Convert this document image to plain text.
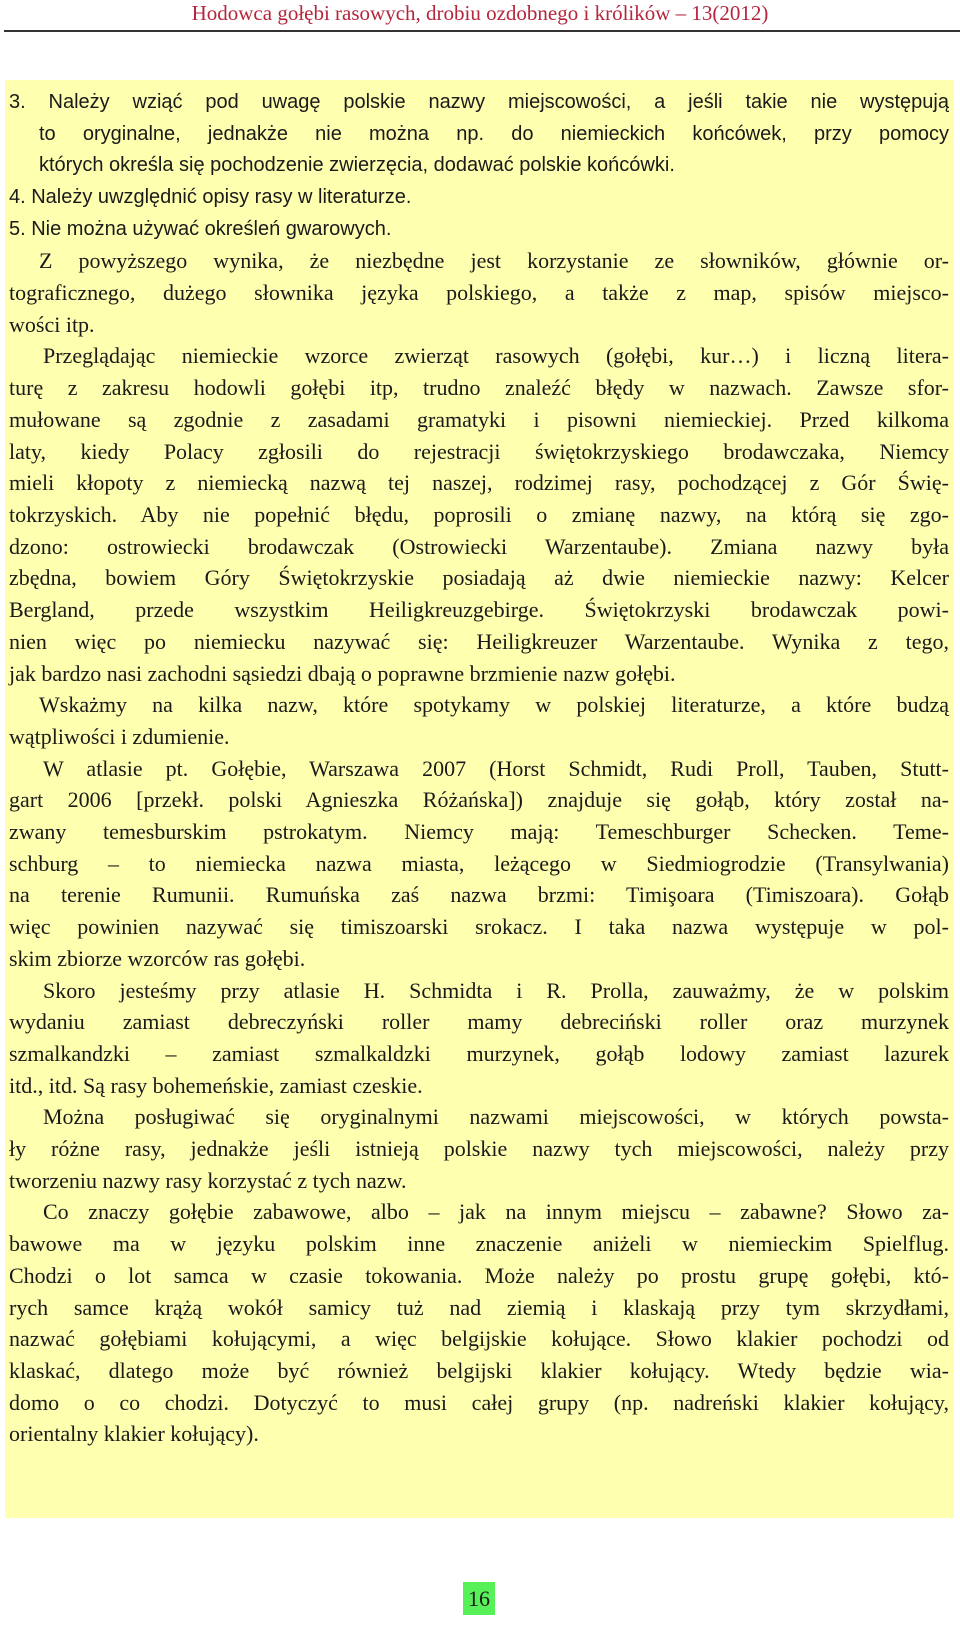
Hodowca gołębi rasowych, drobiu ozdobnego i królików – 13(2012)
3. Należy wziąć pod uwagę polskie nazwy miejscowości, a jeśli takie nie występują
to oryginalne, jednakże nie można np. do niemieckich końcówek, przy pomocy
których określa się pochodzenie zwierzęcia, dodawać polskie końcówki.
4. Należy uwzględnić opisy rasy w literaturze.
5. Nie można używać określeń gwarowych.
Z powyższego wynika, że niezbędne jest korzystanie ze słowników, głównie or-
tograficznego, dużego słownika języka polskiego, a także z map, spisów miejsco-
wości itp.
Przeglądając niemieckie wzorce zwierząt rasowych (gołębi, kur…) i liczną litera-
turę z zakresu hodowli gołębi itp, trudno znaleźć błędy w nazwach. Zawsze sfor-
mułowane są zgodnie z zasadami gramatyki i pisowni niemieckiej. Przed kilkoma
laty, kiedy Polacy zgłosili do rejestracji świętokrzyskiego brodawczaka, Niemcy
mieli kłopoty z niemiecką nazwą tej naszej, rodzimej rasy, pochodzącej z Gór Świę-
tokrzyskich. Aby nie popełnić błędu, poprosili o zmianę nazwy, na którą się zgo-
dzono: ostrowiecki brodawczak (Ostrowiecki Warzentaube). Zmiana nazwy była
zbędna, bowiem Góry Świętokrzyskie posiadają aż dwie niemieckie nazwy: Kelcer
Bergland, przede wszystkim Heiligkreuzgebirge. Świętokrzyski brodawczak powi-
nien więc po niemiecku nazywać się: Heiligkreuzer Warzentaube. Wynika z tego,
jak bardzo nasi zachodni sąsiedzi dbają o poprawne brzmienie nazw gołębi.
Wskażmy na kilka nazw, które spotykamy w polskiej literaturze, a które budzą
wątpliwości i zdumienie.
W atlasie pt. Gołębie, Warszawa 2007 (Horst Schmidt, Rudi Proll, Tauben, Stutt-
gart 2006 [przekł. polski Agnieszka Różańska]) znajduje się gołąb, który został na-
zwany temesburskim pstrokatym. Niemcy mają: Temeschburger Schecken. Teme-
schburg – to niemiecka nazwa miasta, leżącego w Siedmiogrodzie (Transylwania)
na terenie Rumunii. Rumuńska zaś nazwa brzmi: Timişoara (Timiszoara). Gołąb
więc powinien nazywać się timiszoarski srokacz. I taka nazwa występuje w pol-
skim zbiorze wzorców ras gołębi.
Skoro jesteśmy przy atlasie H. Schmidta i R. Prolla, zauważmy, że w polskim
wydaniu zamiast debreczyński roller mamy debreciński roller oraz murzynek
szmalkandzki – zamiast szmalkaldzki murzynek, gołąb lodowy zamiast lazurek
itd., itd. Są rasy bohemeńskie, zamiast czeskie.
Można posługiwać się oryginalnymi nazwami miejscowości, w których powsta-
ły różne rasy, jednakże jeśli istnieją polskie nazwy tych miejscowości, należy przy
tworzeniu nazwy rasy korzystać z tych nazw.
Co znaczy gołębie zabawowe, albo – jak na innym miejscu – zabawne? Słowo za-
bawowe ma w języku polskim inne znaczenie aniżeli w niemieckim Spielflug.
Chodzi o lot samca w czasie tokowania. Może należy po prostu grupę gołębi, któ-
rych samce krążą wokół samicy tuż nad ziemią i klaskają przy tym skrzydłami,
nazwać gołębiami kołującymi, a więc belgijskie kołujące. Słowo klakier pochodzi od
klaskać, dlatego może być również belgijski klakier kołujący. Wtedy będzie wia-
domo o co chodzi. Dotyczyć to musi całej grupy (np. nadreński klakier kołujący,
orientalny klakier kołujący).
16
